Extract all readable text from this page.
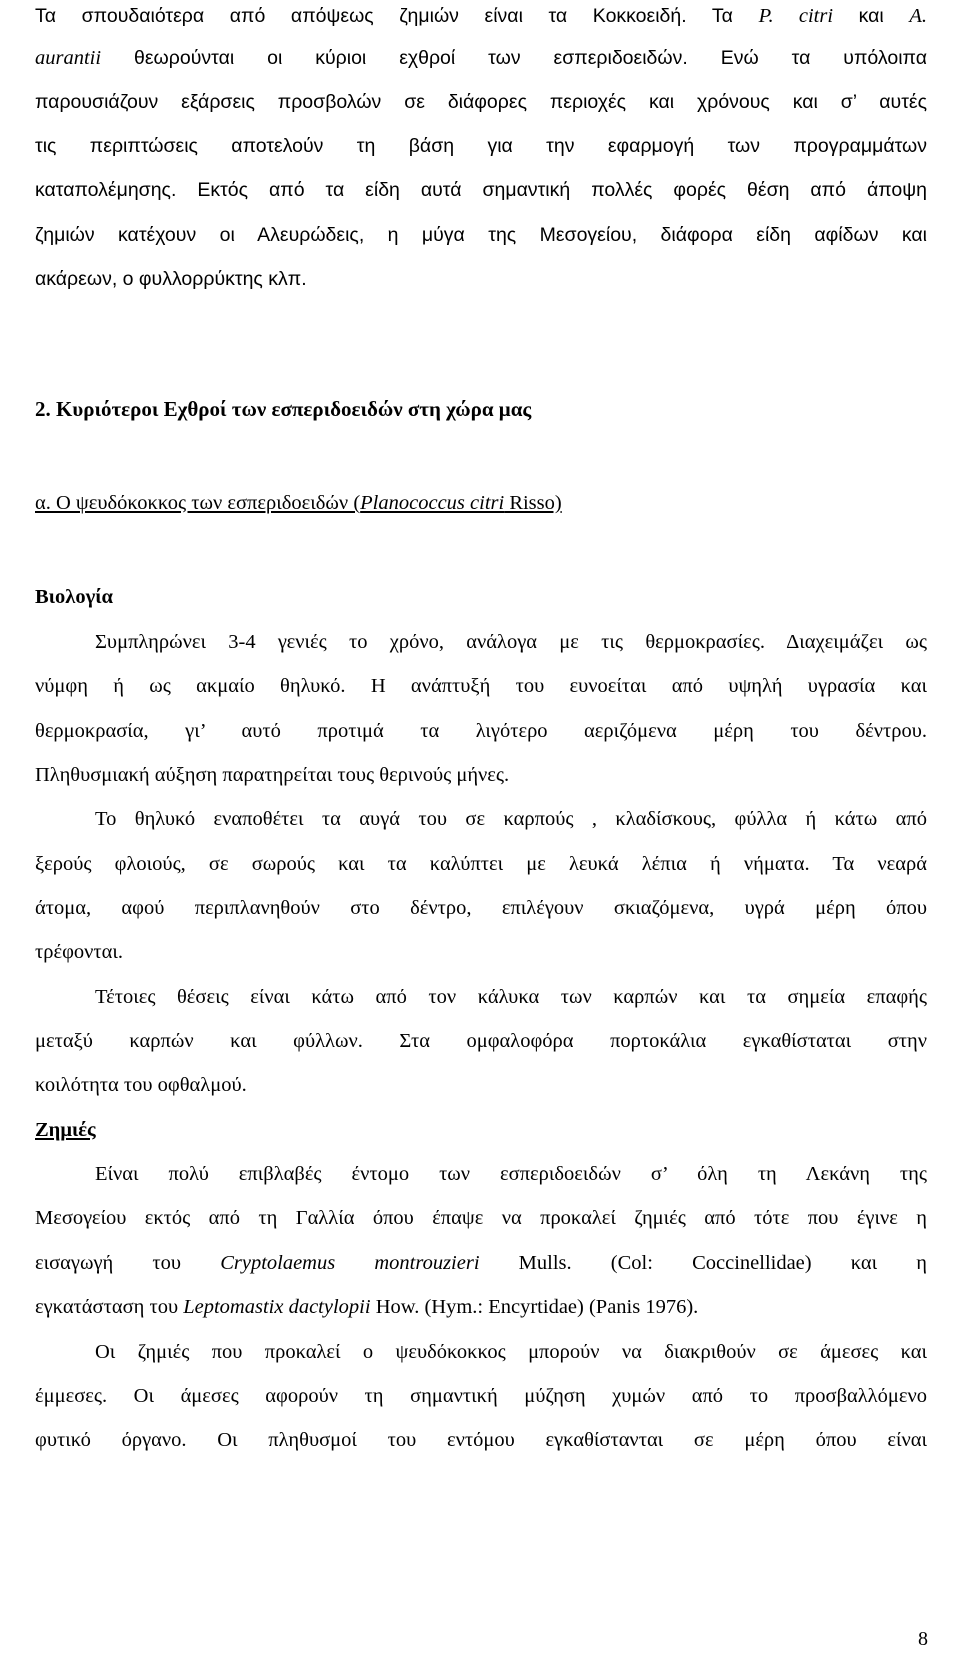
Τα σπουδαιότερα από απόψεως ζημιών είναι τα Κοκκοειδή. Τα P. citri και A.
aurantii θεωρούνται οι κύριοι εχθροί των εσπεριδοειδών. Ενώ τα υπόλοιπα
παρουσιάζουν εξάρσεις προσβολών σε διάφορες περιοχές και χρόνους και σ’ αυτές
τις περιπτώσεις αποτελούν τη βάση για την εφαρμογή των προγραμμάτων
καταπολέμησης. Εκτός από τα είδη αυτά σημαντική πολλές φορές θέση από άποψη
ζημιών κατέχουν οι Αλευρώδεις, η μύγα της Μεσογείου, διάφορα είδη αφίδων και
ακάρεων, ο φυλλορρύκτης κλπ.
2. Κυριότεροι Εχθροί των εσπεριδοειδών στη χώρα μας
α. Ο ψευδόκοκκος των εσπεριδοειδών (Planococcus citri Risso)
Βιολογία
Συμπληρώνει 3-4 γενιές το χρόνο, ανάλογα με τις θερμοκρασίες. Διαχειμάζει ως
νύμφη ή ως ακμαίο θηλυκό. Η ανάπτυξή του ευνοείται από υψηλή υγρασία και
θερμοκρασία, γι’ αυτό προτιμά τα λιγότερο αεριζόμενα μέρη του δέντρου.
Πληθυσμιακή αύξηση παρατηρείται τους θερινούς μήνες.
Το θηλυκό εναποθέτει τα αυγά του σε καρπούς , κλαδίσκους, φύλλα ή κάτω από
ξερούς φλοιούς, σε σωρούς και τα καλύπτει με λευκά λέπια ή νήματα. Τα νεαρά
άτομα, αφού περιπλανηθούν στο δέντρο, επιλέγουν σκιαζόμενα, υγρά μέρη όπου
τρέφονται.
Τέτοιες θέσεις είναι κάτω από τον κάλυκα των καρπών και τα σημεία επαφής
μεταξύ καρπών και φύλλων. Στα ομφαλοφόρα πορτοκάλια εγκαθίσταται στην
κοιλότητα του οφθαλμού.
Ζημιές
Είναι πολύ επιβλαβές έντομο των εσπεριδοειδών σ’ όλη τη Λεκάνη της
Μεσογείου εκτός από τη Γαλλία όπου έπαψε να προκαλεί ζημιές από τότε που έγινε η
εισαγωγή του Cryptolaemus montrouzieri Mulls. (Col: Coccinellidae) και η
εγκατάσταση του Leptomastix dactylopii How. (Hym.: Encyrtidae) (Panis 1976).
Οι ζημιές που προκαλεί ο ψευδόκοκκος μπορούν να διακριθούν σε άμεσες και
έμμεσες. Οι άμεσες αφορούν τη σημαντική μύζηση χυμών από το προσβαλλόμενο
φυτικό όργανο. Οι πληθυσμοί του εντόμου εγκαθίστανται σε μέρη όπου είναι
8
